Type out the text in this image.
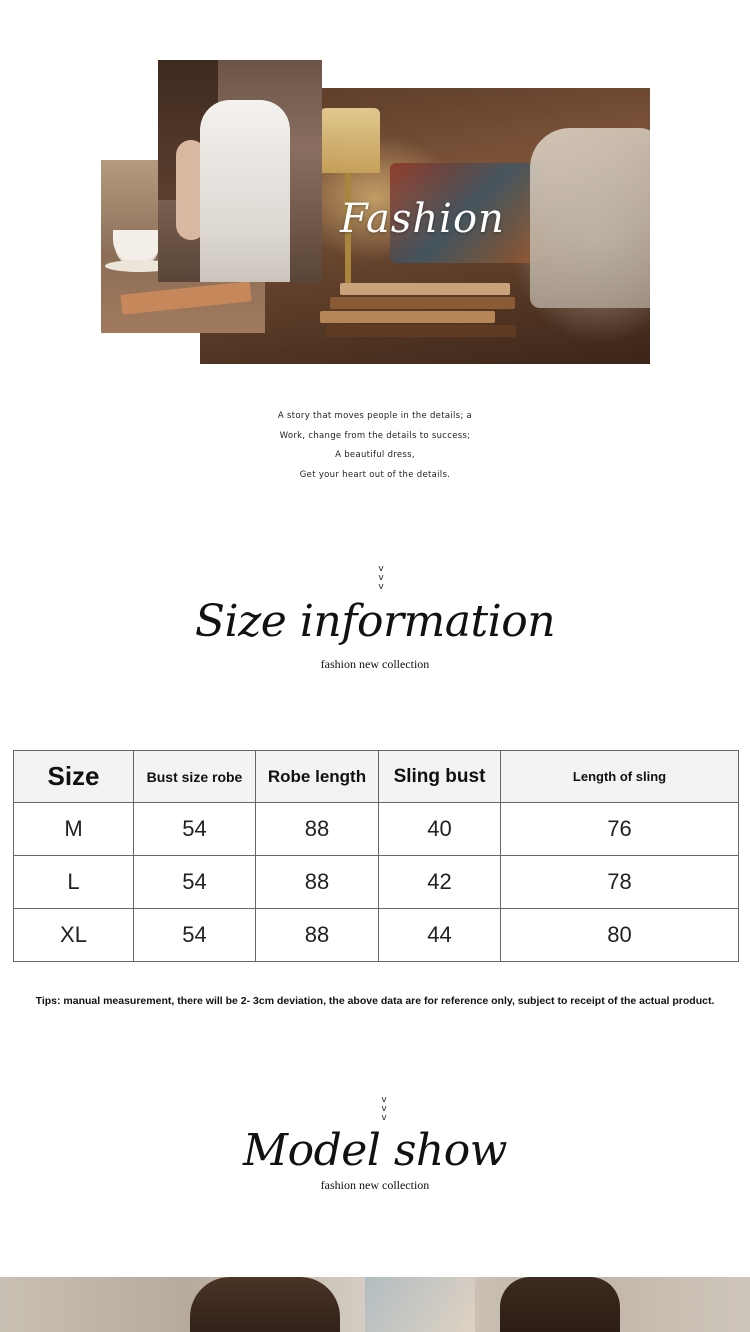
Fashion
A story that moves people in the details; a
Work, change from the details to success;
A beautiful dress,
Get your heart out of the details.
v
v
v
Size information
fashion new collection
Size	Bust size robe	Robe length	Sling bust	Length of sling
M	54	88	40	76
L	54	88	42	78
XL	54	88	44	80
Tips: manual measurement, there will be 2- 3cm deviation, the above data are for reference only, subject to receipt of the actual product.
v
v
v
Model show
fashion new collection
